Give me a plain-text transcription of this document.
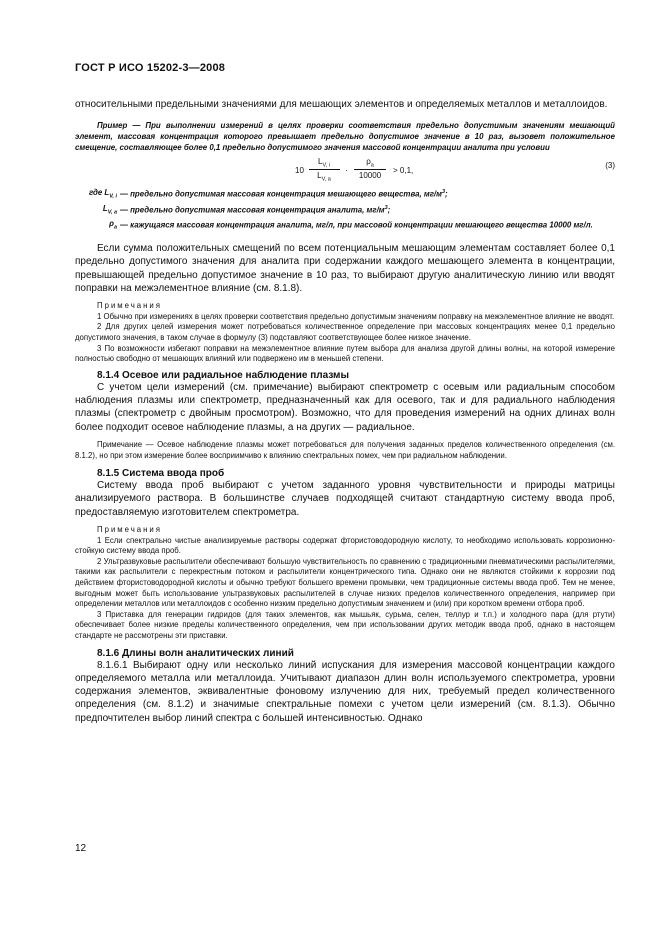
ГОСТ Р ИСО 15202-3—2008

относительными предельными значениями для мешающих элементов и определяемых металлов и металлоидов.

Пример — При выполнении измерений в целях проверки соответствия предельно допустимым значениям мешающий элемент, массовая концентрация которого превышает предельно допустимое значение в 10 раз, вызовет положительное смещение, составляющее более 0,1 предельно допустимого значения массовой концентрации аналита при условии

10
$L_{V, i}$
$L_{V, a}$
·
$\rho_a$
10000
> 0,1,
(3)
где $L_{V, i}$ — предельно допустимая массовая концентрация мешающего вещества, $мг/м^3$;
$L_{V, a}$ — предельно допустимая массовая концентрация аналита, $мг/м^3$;
$\rho_a$ — кажущаяся массовая концентрация аналита, мг/л, при массовой концентрации мешающего вещества 10000 мг/л.

Если сумма положительных смещений по всем потенциальным мешающим элементам составляет более 0,1 предельно допустимого значения для аналита при содержании каждого мешающего элемента в концентрации, превышающей предельно допустимое значение в 10 раз, то выбирают другую аналитическую линию или вводят поправки на межэлементное влияние (см. 8.1.8).

Примечания

1 Обычно при измерениях в целях проверки соответствия предельно допустимым значениям поправку на межэлементное влияние не вводят.

2 Для других целей измерения может потребоваться количественное определение при массовых концентрациях менее 0,1 предельно допустимого значения, в таком случае в формулу (3) подставляют соответствующее более низкое значение.

3 По возможности избегают поправки на межэлементное влияние путем выбора для анализа другой длины волны, на которой измерение полностью свободно от мешающих влияний или подвержено им в меньшей степени.

8.1.4 Осевое или радиальное наблюдение плазмы

С учетом цели измерений (см. примечание) выбирают спектрометр с осевым или радиальным способом наблюдения плазмы или спектрометр, предназначенный как для осевого, так и для радиального наблюдения плазмы (спектрометр с двойным просмотром). Возможно, что для проведения измерений на одних длинах волн более подходит осевое наблюдение плазмы, а на других — радиальное.

Примечание — Осевое наблюдение плазмы может потребоваться для получения заданных пределов количественного определения (см. 8.1.2), но при этом измерение более восприимчиво к влиянию спектральных помех, чем при радиальном наблюдении.

8.1.5 Система ввода проб

Систему ввода проб выбирают с учетом заданного уровня чувствительности и природы матрицы анализируемого раствора. В большинстве случаев подходящей считают стандартную систему ввода проб, предоставляемую изготовителем спектрометра.

Примечания

1 Если спектрально чистые анализируемые растворы содержат фтористоводородную кислоту, то необходимо использовать коррозионно-стойкую систему ввода проб.

2 Ультразвуковые распылители обеспечивают большую чувствительность по сравнению с традиционными пневматическими распылителями, такими как распылители с перекрестным потоком и распылители концентрического типа. Однако они не являются стойкими к коррозии под действием фтористоводородной кислоты и обычно требуют большего времени промывки, чем традиционные системы ввода проб. Тем не менее, выгодным может быть использование ультразвуковых распылителей в случае низких пределов количественного определения, например при определении металлов или металлоидов с особенно низким предельно допустимым значением и (или) при коротком времени отбора проб.

3 Приставка для генерации гидридов (для таких элементов, как мышьяк, сурьма, селен, теллур и т.п.) и холодного пара (для ртути) обеспечивает более низкие пределы количественного определения, чем при использовании других методик ввода проб, однако в настоящем стандарте не рассмотрены эти приставки.

8.1.6 Длины волн аналитических линий

8.1.6.1 Выбирают одну или несколько линий испускания для измерения массовой концентрации каждого определяемого металла или металлоида. Учитывают диапазон длин волн используемого спектрометра, уровни содержания элементов, эквивалентные фоновому излучению для них, требуемый предел количественного определения (см. 8.1.2) и значимые спектральные помехи с учетом цели измерений (см. 8.1.3). Обычно предпочтителен выбор линий спектра с большей интенсивностью. Однако

12
